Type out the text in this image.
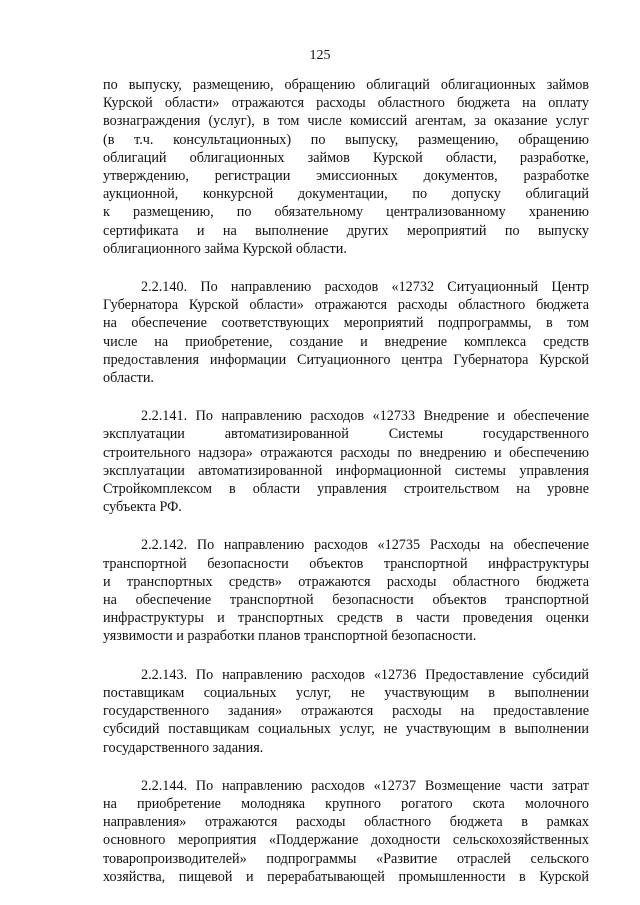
125
по выпуску, размещению, обращению облигаций облигационных займов
Курской области» отражаются расходы областного бюджета на оплату
вознаграждения (услуг), в том числе комиссий агентам, за оказание услуг
(в т.ч. консультационных) по выпуску, размещению, обращению
облигаций облигационных займов Курской области, разработке,
утверждению, регистрации эмиссионных документов, разработке
аукционной, конкурсной документации, по допуску облигаций
к размещению, по обязательному централизованному хранению
сертификата и на выполнение других мероприятий по выпуску
облигационного займа Курской области.
2.2.140. По направлению расходов «12732 Ситуационный Центр
Губернатора Курской области» отражаются расходы областного бюджета
на обеспечение соответствующих мероприятий подпрограммы, в том
числе на приобретение, создание и внедрение комплекса средств
предоставления информации Ситуационного центра Губернатора Курской
области.
2.2.141. По направлению расходов «12733 Внедрение и обеспечение
эксплуатации автоматизированной Системы государственного
строительного надзора» отражаются расходы по внедрению и обеспечению
эксплуатации автоматизированной информационной системы управления
Стройкомплексом в области управления строительством на уровне
субъекта РФ.
2.2.142. По направлению расходов «12735 Расходы на обеспечение
транспортной безопасности объектов транспортной инфраструктуры
и транспортных средств» отражаются расходы областного бюджета
на обеспечение транспортной безопасности объектов транспортной
инфраструктуры и транспортных средств в части проведения оценки
уязвимости и разработки планов транспортной безопасности.
2.2.143. По направлению расходов «12736 Предоставление субсидий
поставщикам социальных услуг, не участвующим в выполнении
государственного задания» отражаются расходы на предоставление
субсидий поставщикам социальных услуг, не участвующим в выполнении
государственного задания.
2.2.144. По направлению расходов «12737 Возмещение части затрат
на приобретение молодняка крупного рогатого скота молочного
направления» отражаются расходы областного бюджета в рамках
основного мероприятия «Поддержание доходности сельскохозяйственных
товаропроизводителей» подпрограммы «Развитие отраслей сельского
хозяйства, пищевой и перерабатывающей промышленности в Курской
